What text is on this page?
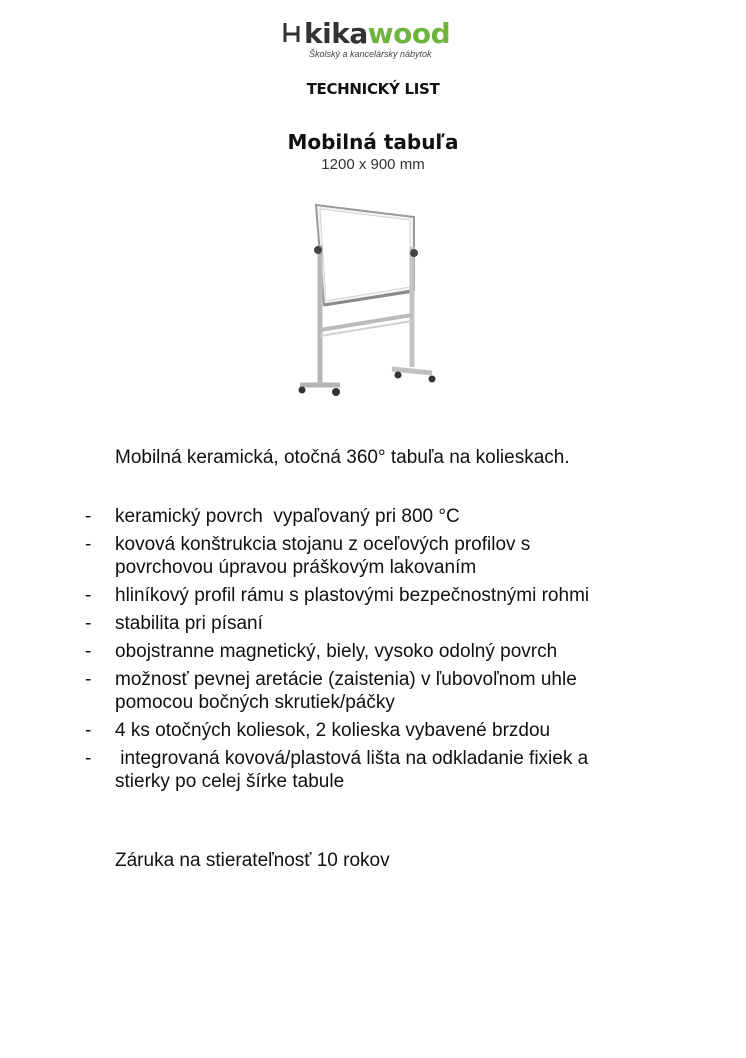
kikawood
Školský a kancelársky nábytok
TECHNICKÝ LIST
Mobilná tabuľa
1200 x 900 mm
Mobilná keramická, otočná 360° tabuľa na kolieskach.
- keramický povrch  vypaľovaný pri 800 °C
- kovová konštrukcia stojanu z oceľových profilov s
povrchovou úpravou práškovým lakovaním
- hliníkový profil rámu s plastovými bezpečnostnými rohmi
- stabilita pri písaní
- obojstranne magnetický, biely, vysoko odolný povrch
- možnosť pevnej aretácie (zaistenia) v ľubovoľnom uhle
pomocou bočných skrutiek/páčky
- 4 ks otočných koliesok, 2 kolieska vybavené brzdou
- integrovaná kovová/plastová lišta na odkladanie fixiek a
stierky po celej šírke tabule
Záruka na stierateľnosť 10 rokov
